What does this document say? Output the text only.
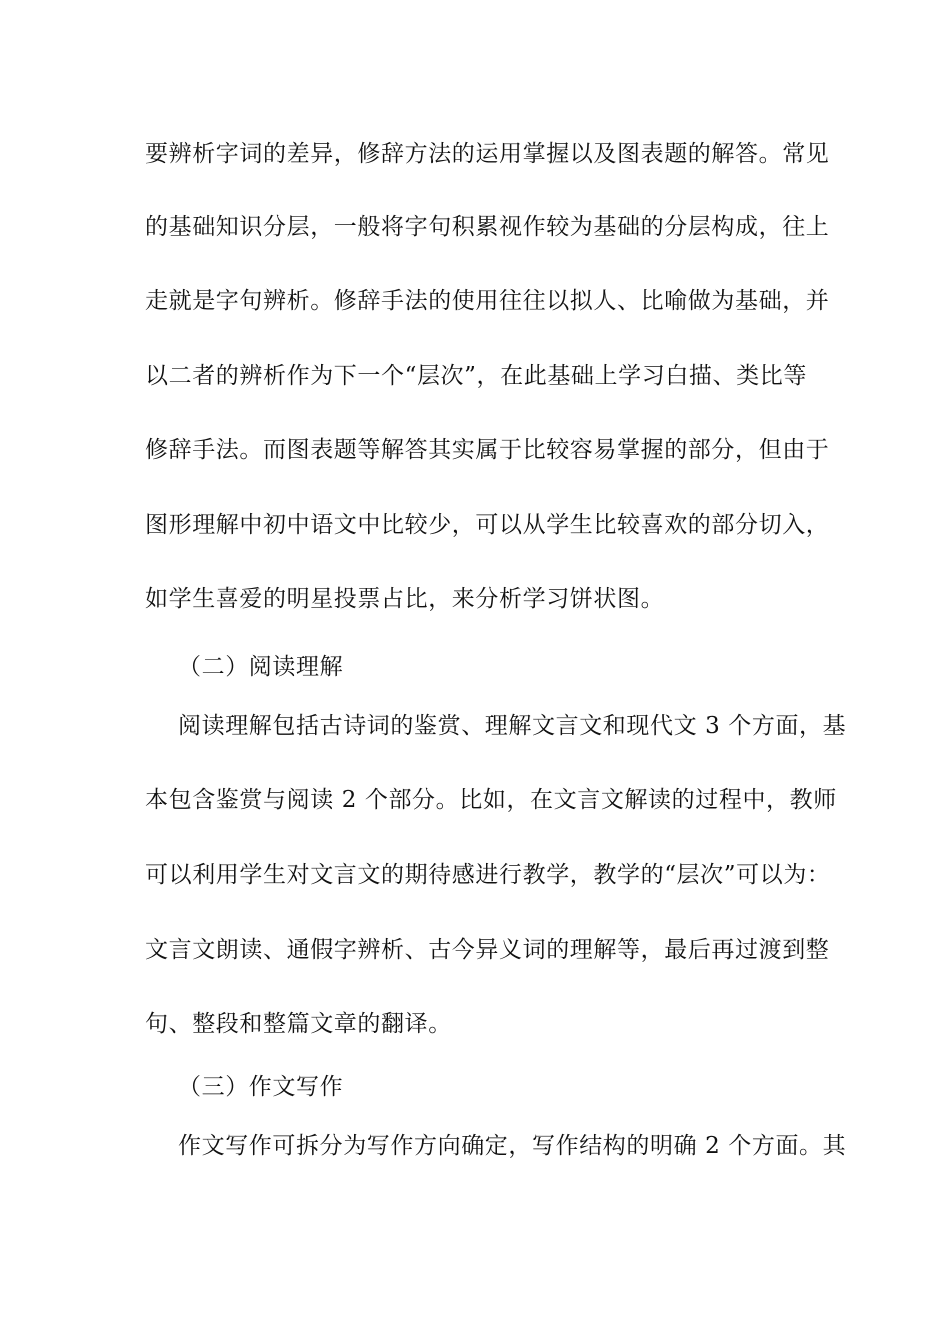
要辨析字词的差异，修辞方法的运用掌握以及图表题的解答。常见
的基础知识分层，一般将字句积累视作较为基础的分层构成，往上
走就是字句辨析。修辞手法的使用往往以拟人、比喻做为基础，并
以二者的辨析作为下一个“层次”，在此基础上学习白描、类比等
修辞手法。而图表题等解答其实属于比较容易掌握的部分，但由于
图形理解中初中语文中比较少，可以从学生比较喜欢的部分切入，
如学生喜爱的明星投票占比，来分析学习饼状图。
（二）阅读理解
阅读理解包括古诗词的鉴赏、理解文言文和现代文 3 个方面，基
本包含鉴赏与阅读 2 个部分。比如，在文言文解读的过程中，教师
可以利用学生对文言文的期待感进行教学，教学的“层次”可以为：
文言文朗读、通假字辨析、古今异义词的理解等，最后再过渡到整
句、整段和整篇文章的翻译。
（三）作文写作
作文写作可拆分为写作方向确定，写作结构的明确 2 个方面。其
